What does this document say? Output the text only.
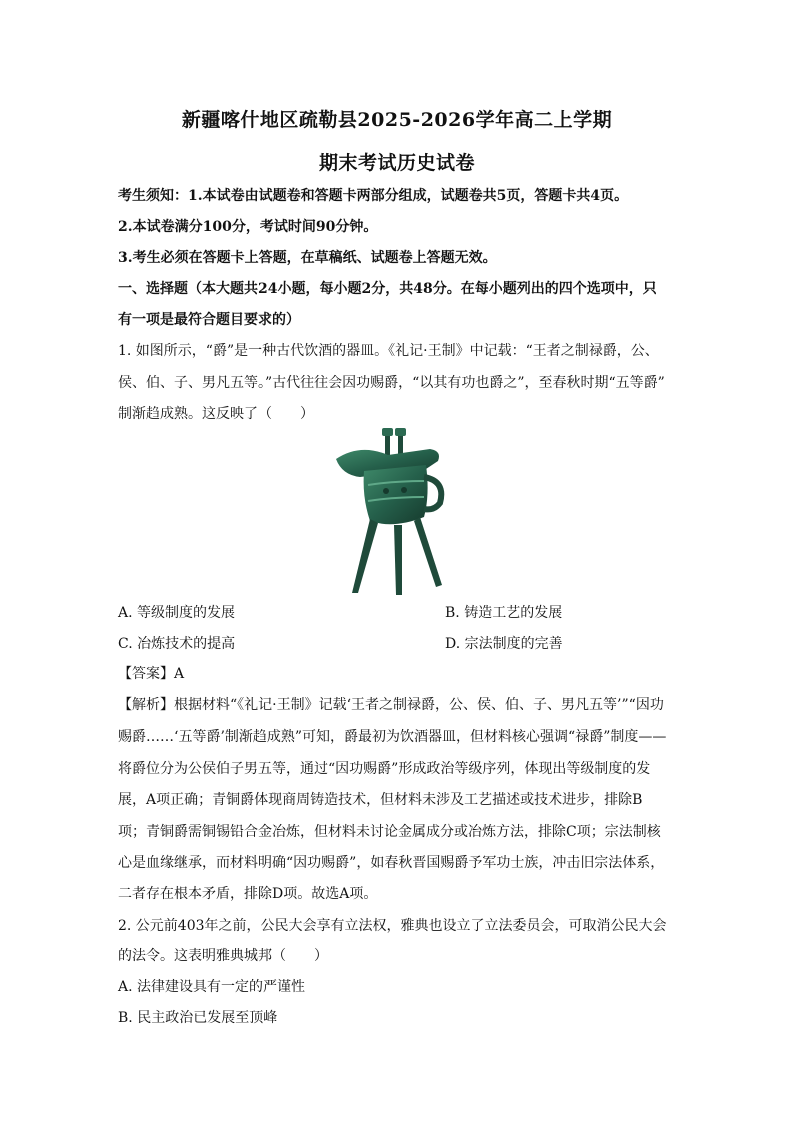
新疆喀什地区疏勒县2025-2026学年高二上学期
期末考试历史试卷
考生须知：1.本试卷由试题卷和答题卡两部分组成，试题卷共5页，答题卡共4页。
2.本试卷满分100分，考试时间90分钟。
3.考生必须在答题卡上答题，在草稿纸、试题卷上答题无效。
一、选择题（本大题共24小题，每小题2分，共48分。在每小题列出的四个选项中，只
有一项是最符合题目要求的）
1. 如图所示，“爵”是一种古代饮酒的器皿。《礼记·王制》中记载：“王者之制禄爵，公、
侯、伯、子、男凡五等。”古代往往会因功赐爵，“以其有功也爵之”，至春秋时期“五等爵”
制渐趋成熟。这反映了（　　）
A. 等级制度的发展	B. 铸造工艺的发展
C. 冶炼技术的提高	D. 宗法制度的完善
【答案】A
【解析】根据材料“《礼记·王制》记载‘王者之制禄爵，公、侯、伯、子、男凡五等’”“因功
赐爵……‘五等爵’制渐趋成熟”可知，爵最初为饮酒器皿，但材料核心强调“禄爵”制度——
将爵位分为公侯伯子男五等，通过“因功赐爵”形成政治等级序列，体现出等级制度的发
展，A项正确；青铜爵体现商周铸造技术，但材料未涉及工艺描述或技术进步，排除B
项；青铜爵需铜锡铅合金冶炼，但材料未讨论金属成分或冶炼方法，排除C项；宗法制核
心是血缘继承，而材料明确“因功赐爵”，如春秋晋国赐爵予军功士族，冲击旧宗法体系，
二者存在根本矛盾，排除D项。故选A项。
2. 公元前403年之前，公民大会享有立法权，雅典也设立了立法委员会，可取消公民大会
的法令。这表明雅典城邦（　　）
A. 法律建设具有一定的严谨性
B. 民主政治已发展至顶峰
